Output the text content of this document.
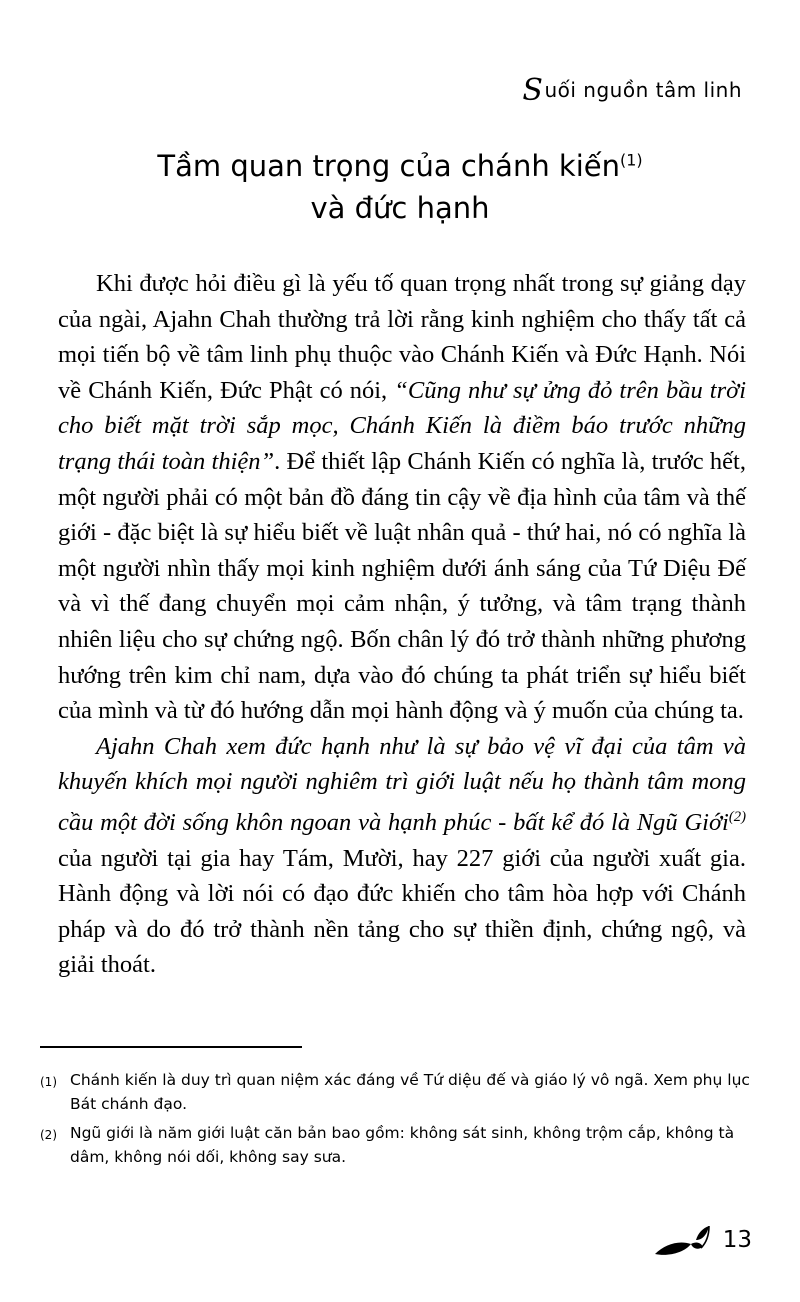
Suối nguồn tâm linh
Tầm quan trọng của chánh kiến$^{(1)}$
và đức hạnh

Khi được hỏi điều gì là yếu tố quan trọng nhất trong sự giảng dạy của ngài, Ajahn Chah thường trả lời rằng kinh nghiệm cho thấy tất cả mọi tiến bộ về tâm linh phụ thuộc vào Chánh Kiến và Đức Hạnh. Nói về Chánh Kiến, Đức Phật có nói, “Cũng như sự ửng đỏ trên bầu trời cho biết mặt trời sắp mọc, Chánh Kiến là điềm báo trước những trạng thái toàn thiện”. Để thiết lập Chánh Kiến có nghĩa là, trước hết, một người phải có một bản đồ đáng tin cậy về địa hình của tâm và thế giới - đặc biệt là sự hiểu biết về luật nhân quả - thứ hai, nó có nghĩa là một người nhìn thấy mọi kinh nghiệm dưới ánh sáng của Tứ Diệu Đế và vì thế đang chuyển mọi cảm nhận, ý tưởng, và tâm trạng thành nhiên liệu cho sự chứng ngộ. Bốn chân lý đó trở thành những phương hướng trên kim chỉ nam, dựa vào đó chúng ta phát triển sự hiểu biết của mình và từ đó hướng dẫn mọi hành động và ý muốn của chúng ta.

Ajahn Chah xem đức hạnh như là sự bảo vệ vĩ đại của tâm và khuyến khích mọi người nghiêm trì giới luật nếu họ thành tâm mong cầu một đời sống khôn ngoan và hạnh phúc - bất kể đó là Ngũ Giới$^{(2)}$ của người tại gia hay Tám, Mười, hay 227 giới của người xuất gia. Hành động và lời nói có đạo đức khiến cho tâm hòa hợp với Chánh pháp và do đó trở thành nền tảng cho sự thiền định, chứng ngộ, và giải thoát.

(1) Chánh kiến là duy trì quan niệm xác đáng về Tứ diệu đế và giáo lý vô ngã. Xem phụ lục Bát chánh đạo.
(2) Ngũ giới là năm giới luật căn bản bao gồm: không sát sinh, không trộm cắp, không tà dâm, không nói dối, không say sưa.
13
